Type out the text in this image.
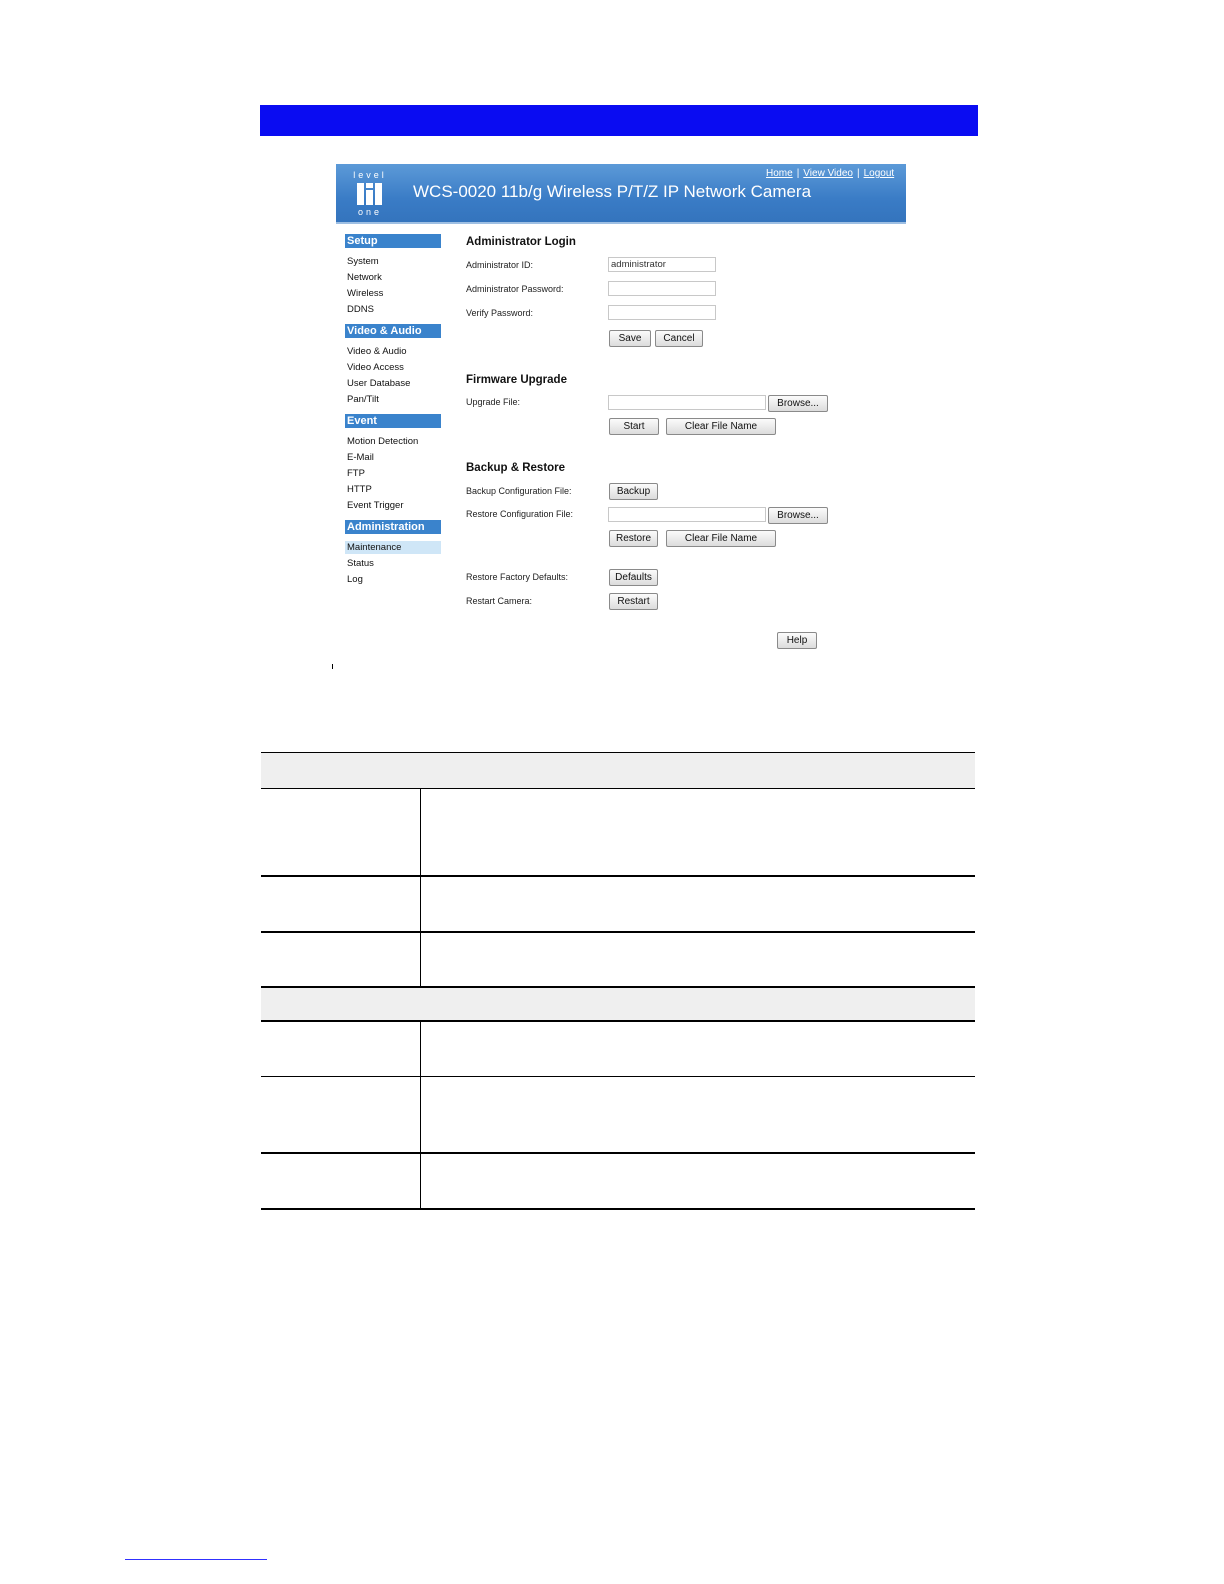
level
one
WCS-0020 11b/g Wireless P/T/Z IP Network Camera
Home | View Video | Logout
Setup
System
Network
Wireless
DDNS
Video & Audio
Video & Audio
Video Access
User Database
Pan/Tilt
Event
Motion Detection
E-Mail
FTP
HTTP
Event Trigger
Administration
Maintenance
Status
Log
Administrator Login
Administrator ID:
administrator
Administrator Password:
Verify Password:
Save	Cancel
Firmware Upgrade
Upgrade File:	Browse...
Start	Clear File Name
Backup & Restore
Backup Configuration File:	Backup
Restore Configuration File:	Browse...
Restore	Clear File Name
Restore Factory Defaults:	Defaults
Restart Camera:	Restart
Help
